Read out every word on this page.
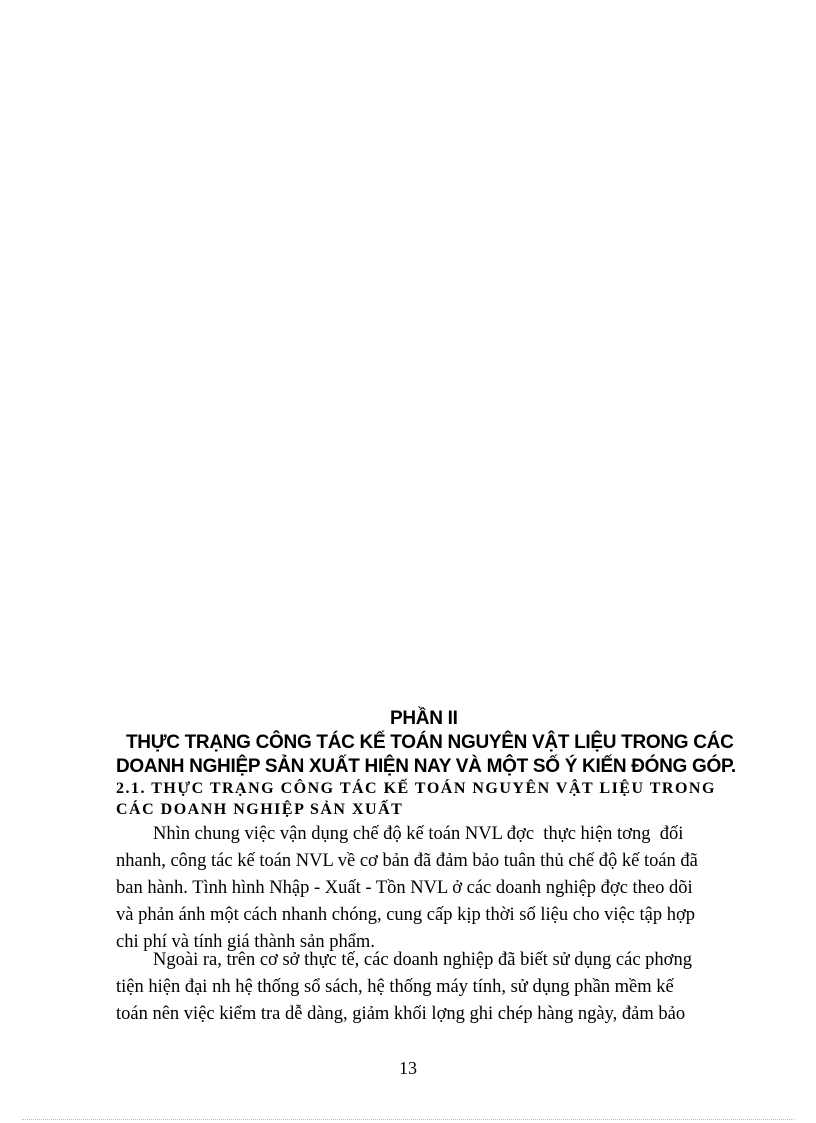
PHẦN II
THỰC TRẠNG CÔNG TÁC KẾ TOÁN NGUYÊN VẬT LIỆU TRONG CÁC
DOANH NGHIỆP SẢN XUẤT HIỆN NAY VÀ MỘT SỐ Ý KIẾN ĐÓNG GÓP.
2.1. THỰC TRẠNG CÔNG TÁC KẾ TOÁN NGUYÊN VẬT LIỆU TRONG
CÁC DOANH NGHIỆP SẢN XUẤT
Nhìn chung việc vận dụng chế độ kế toán NVL đợc  thực hiện tơng  đối
nhanh, công tác kế toán NVL về cơ bản đã đảm bảo tuân thủ chế độ kế toán đã
ban hành. Tình hình Nhập - Xuất - Tồn NVL ở các doanh nghiệp đợc theo dõi
và phản ánh một cách nhanh chóng, cung cấp kịp thời số liệu cho việc tập hợp
chi phí và tính giá thành sản phẩm.
Ngoài ra, trên cơ sở thực tế, các doanh nghiệp đã biết sử dụng các phơng
tiện hiện đại nh hệ thống sổ sách, hệ thống máy tính, sử dụng phần mềm kế
toán nên việc kiểm tra dễ dàng, giảm khối lợng ghi chép hàng ngày, đảm bảo
13
